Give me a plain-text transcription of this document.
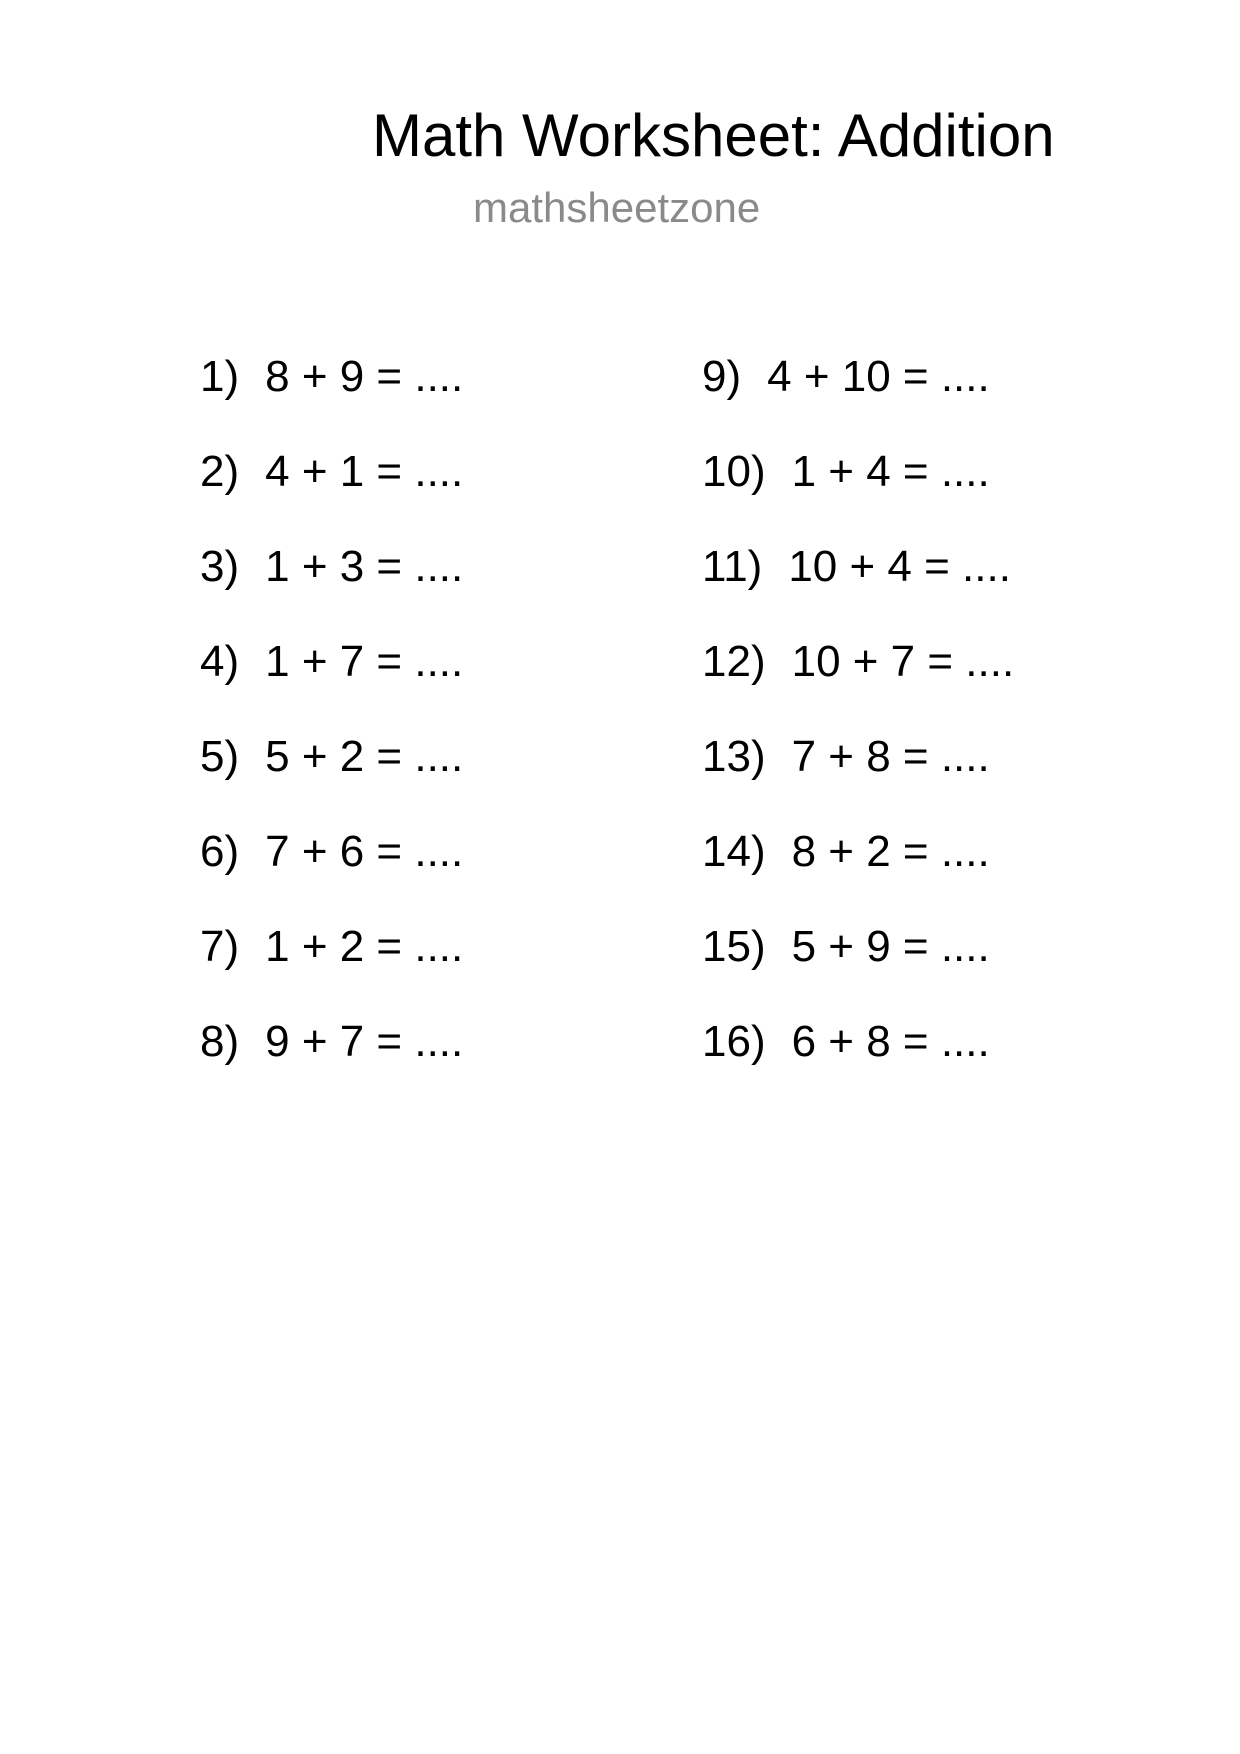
Math Worksheet: Addition
mathsheetzone
1) 8 + 9 = ....
2) 4 + 1 = ....
3) 1 + 3 = ....
4) 1 + 7 = ....
5) 5 + 2 = ....
6) 7 + 6 = ....
7) 1 + 2 = ....
8) 9 + 7 = ....
9) 4 + 10 = ....
10) 1 + 4 = ....
11) 10 + 4 = ....
12) 10 + 7 = ....
13) 7 + 8 = ....
14) 8 + 2 = ....
15) 5 + 9 = ....
16) 6 + 8 = ....
